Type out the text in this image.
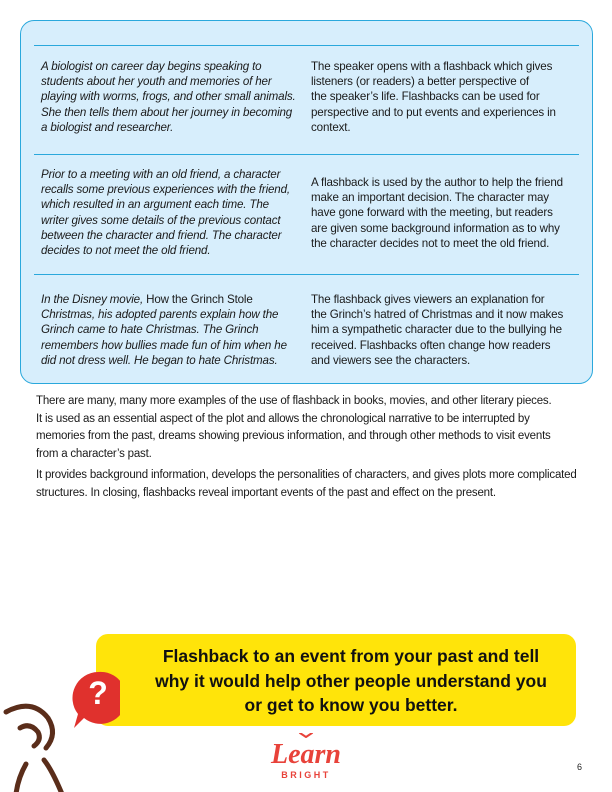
A biologist on career day begins speaking to
students about her youth and memories of her
playing with worms, frogs, and other small animals.
She then tells them about her journey in becoming
a biologist and researcher.
The speaker opens with a flashback which gives
listeners (or readers) a better perspective of
the speaker’s life. Flashbacks can be used for
perspective and to put events and experiences in
context.
Prior to a meeting with an old friend, a character
recalls some previous experiences with the friend,
which resulted in an argument each time. The
writer gives some details of the previous contact
between the character and friend. The character
decides to not meet the old friend.
A flashback is used by the author to help the friend
make an important decision. The character may
have gone forward with the meeting, but readers
are given some background information as to why
the character decides not to meet the old friend.
In the Disney movie, How the Grinch Stole
Christmas, his adopted parents explain how the
Grinch came to hate Christmas. The Grinch
remembers how bullies made fun of him when he
did not dress well. He began to hate Christmas.
The flashback gives viewers an explanation for
the Grinch’s hatred of Christmas and it now makes
him a sympathetic character due to the bullying he
received. Flashbacks often change how readers
and viewers see the characters.

There are many, many more examples of the use of flashback in books, movies, and other literary pieces.

It is used as an essential aspect of the plot and allows the chronological narrative to be interrupted by

memories from the past, dreams showing previous information, and through other methods to visit events

from a character’s past.

It provides background information, develops the personalities of characters, and gives plots more complicated

structures. In closing, flashbacks reveal important events of the past and effect on the present.

Flashback to an event from your past and tell
why it would help other people understand you
or get to know you better.
?
Learn
BRIGHT
6
